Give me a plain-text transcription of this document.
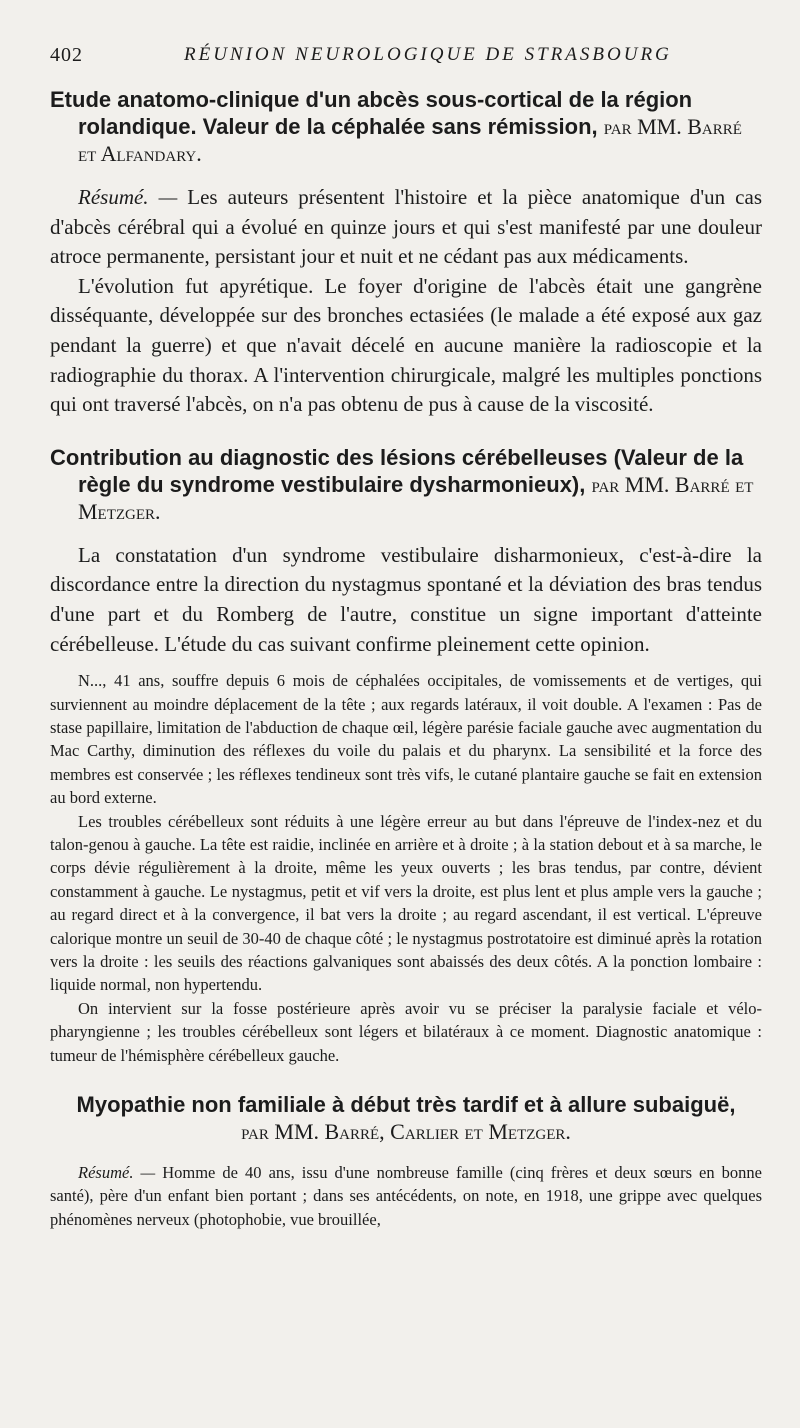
402	RÉUNION NEUROLOGIQUE DE STRASBOURG
Etude anatomo-clinique d'un abcès sous-cortical de la région rolandique. Valeur de la céphalée sans rémission, par MM. Barré et Alfandary.

Résumé. — Les auteurs présentent l'histoire et la pièce anatomique d'un cas d'abcès cérébral qui a évolué en quinze jours et qui s'est manifesté par une douleur atroce permanente, persistant jour et nuit et ne cédant pas aux médicaments.

L'évolution fut apyrétique. Le foyer d'origine de l'abcès était une gangrène disséquante, développée sur des bronches ectasiées (le malade a été exposé aux gaz pendant la guerre) et que n'avait décelé en aucune manière la radioscopie et la radiographie du thorax. A l'intervention chirurgicale, malgré les multiples ponctions qui ont traversé l'abcès, on n'a pas obtenu de pus à cause de la viscosité.

Contribution au diagnostic des lésions cérébelleuses (Valeur de la règle du syndrome vestibulaire dysharmonieux), par MM. Barré et Metzger.

La constatation d'un syndrome vestibulaire disharmonieux, c'est-à-dire la discordance entre la direction du nystagmus spontané et la déviation des bras tendus d'une part et du Romberg de l'autre, constitue un signe important d'atteinte cérébelleuse. L'étude du cas suivant confirme pleinement cette opinion.

N..., 41 ans, souffre depuis 6 mois de céphalées occipitales, de vomissements et de vertiges, qui surviennent au moindre déplacement de la tête ; aux regards latéraux, il voit double. A l'examen : Pas de stase papillaire, limitation de l'abduction de chaque œil, légère parésie faciale gauche avec augmentation du Mac Carthy, diminution des réflexes du voile du palais et du pharynx. La sensibilité et la force des membres est conservée ; les réflexes tendineux sont très vifs, le cutané plantaire gauche se fait en extension au bord externe.

Les troubles cérébelleux sont réduits à une légère erreur au but dans l'épreuve de l'index-nez et du talon-genou à gauche. La tête est raidie, inclinée en arrière et à droite ; à la station debout et à sa marche, le corps dévie régulièrement à la droite, même les yeux ouverts ; les bras tendus, par contre, dévient constamment à gauche. Le nystagmus, petit et vif vers la droite, est plus lent et plus ample vers la gauche ; au regard direct et à la convergence, il bat vers la droite ; au regard ascendant, il est vertical. L'épreuve calorique montre un seuil de 30-40 de chaque côté ; le nystagmus postrotatoire est diminué après la rotation vers la droite : les seuils des réactions galvaniques sont abaissés des deux côtés. A la ponction lombaire : liquide normal, non hypertendu.

On intervient sur la fosse postérieure après avoir vu se préciser la paralysie faciale et vélo-pharyngienne ; les troubles cérébelleux sont légers et bilatéraux à ce moment. Diagnostic anatomique : tumeur de l'hémisphère cérébelleux gauche.

Myopathie non familiale à début très tardif et à allure subaiguë,
par MM. Barré, Carlier et Metzger.

Résumé. — Homme de 40 ans, issu d'une nombreuse famille (cinq frères et deux sœurs en bonne santé), père d'un enfant bien portant ; dans ses antécédents, on note, en 1918, une grippe avec quelques phénomènes nerveux (photophobie, vue brouillée,
